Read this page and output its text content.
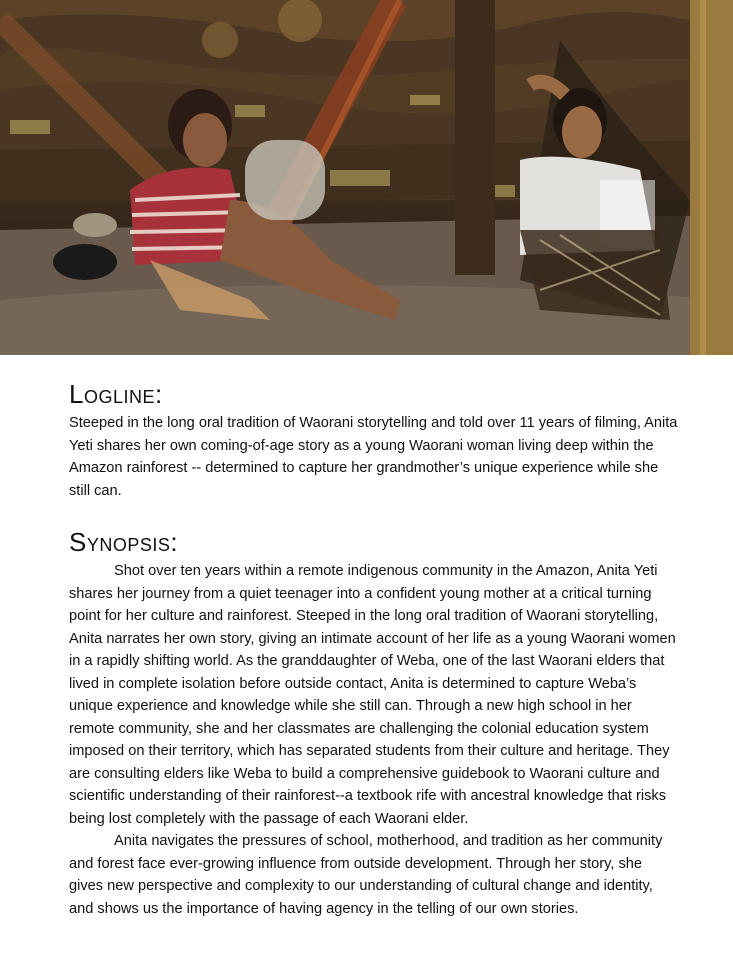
Logline:

Steeped in the long oral tradition of Waorani storytelling and told over 11 years of filming, Anita Yeti shares her own coming-of-age story as a young Waorani woman living deep within the Amazon rainforest -- determined to capture her grandmother’s unique experience while she still can.

Synopsis:

Shot over ten years within a remote indigenous community in the Amazon, Anita Yeti shares her journey from a quiet teenager into a confident young mother at a critical turning point for her culture and rainforest. Steeped in the long oral tradition of Waorani storytelling, Anita narrates her own story, giving an intimate account of her life as a young Waorani women in a rapidly shifting world. As the granddaughter of Weba, one of the last Waorani elders that lived in complete isolation before outside contact, Anita is determined to capture Weba’s unique experience and knowledge while she still can. Through a new high school in her remote community, she and her classmates are challenging the colonial education system imposed on their territory, which has separated students from their culture and heritage. They are consulting elders like Weba to build a comprehensive guidebook to Waorani culture and scientific understanding of their rainforest--a textbook rife with ancestral knowledge that risks being lost completely with the passage of each Waorani elder.

Anita navigates the pressures of school, motherhood, and tradition as her community and forest face ever-growing influence from outside development. Through her story, she gives new perspective and complexity to our understanding of cultural change and identity, and shows us the importance of having agency in the telling of our own stories.
